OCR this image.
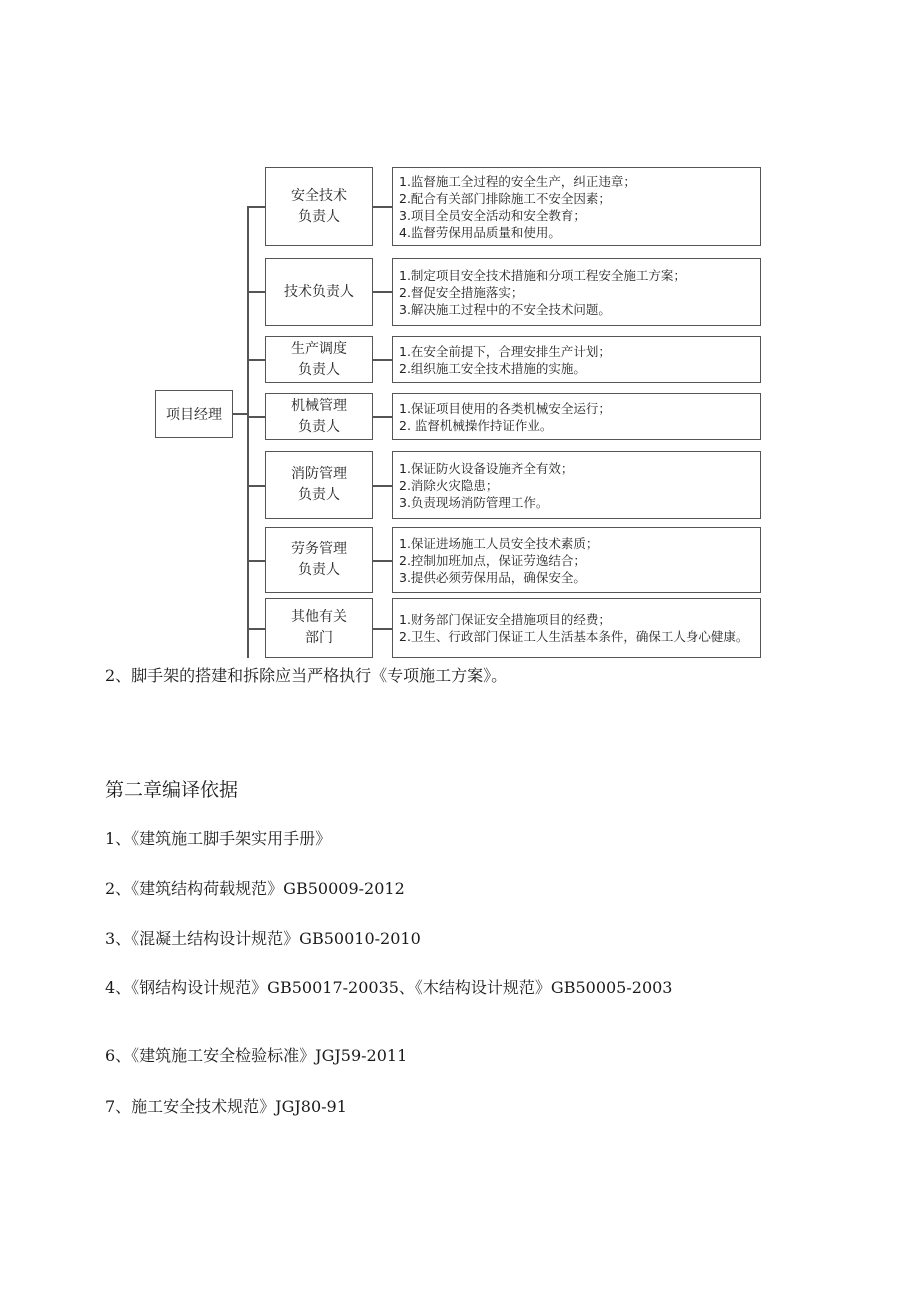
项目经理
安全技术
负责人
1.监督施工全过程的安全生产，纠正违章；
2.配合有关部门排除施工不安全因素；
3.项目全员安全活动和安全教育；
4.监督劳保用品质量和使用。
技术负责人
1.制定项目安全技术措施和分项工程安全施工方案；
2.督促安全措施落实；
3.解决施工过程中的不安全技术问题。
生产调度
负责人
1.在安全前提下，合理安排生产计划；
2.组织施工安全技术措施的实施。
机械管理
负责人
1.保证项目使用的各类机械安全运行；
2. 监督机械操作持证作业。
消防管理
负责人
1.保证防火设备设施齐全有效；
2.消除火灾隐患；
3.负责现场消防管理工作。
劳务管理
负责人
1.保证进场施工人员安全技术素质；
2.控制加班加点，保证劳逸结合；
3.提供必须劳保用品，确保安全。
其他有关
部门
1.财务部门保证安全措施项目的经费；
2.卫生、行政部门保证工人生活基本条件，确保工人身心健康。
2、脚手架的搭建和拆除应当严格执行《专项施工方案》。
第二章编译依据
1、《建筑施工脚手架实用手册》
2、《建筑结构荷载规范》GB50009-2012
3、《混凝土结构设计规范》GB50010-2010
4、《钢结构设计规范》GB50017-20035、《木结构设计规范》GB50005-2003
6、《建筑施工安全检验标准》JGJ59-2011
7、施工安全技术规范》JGJ80-91
